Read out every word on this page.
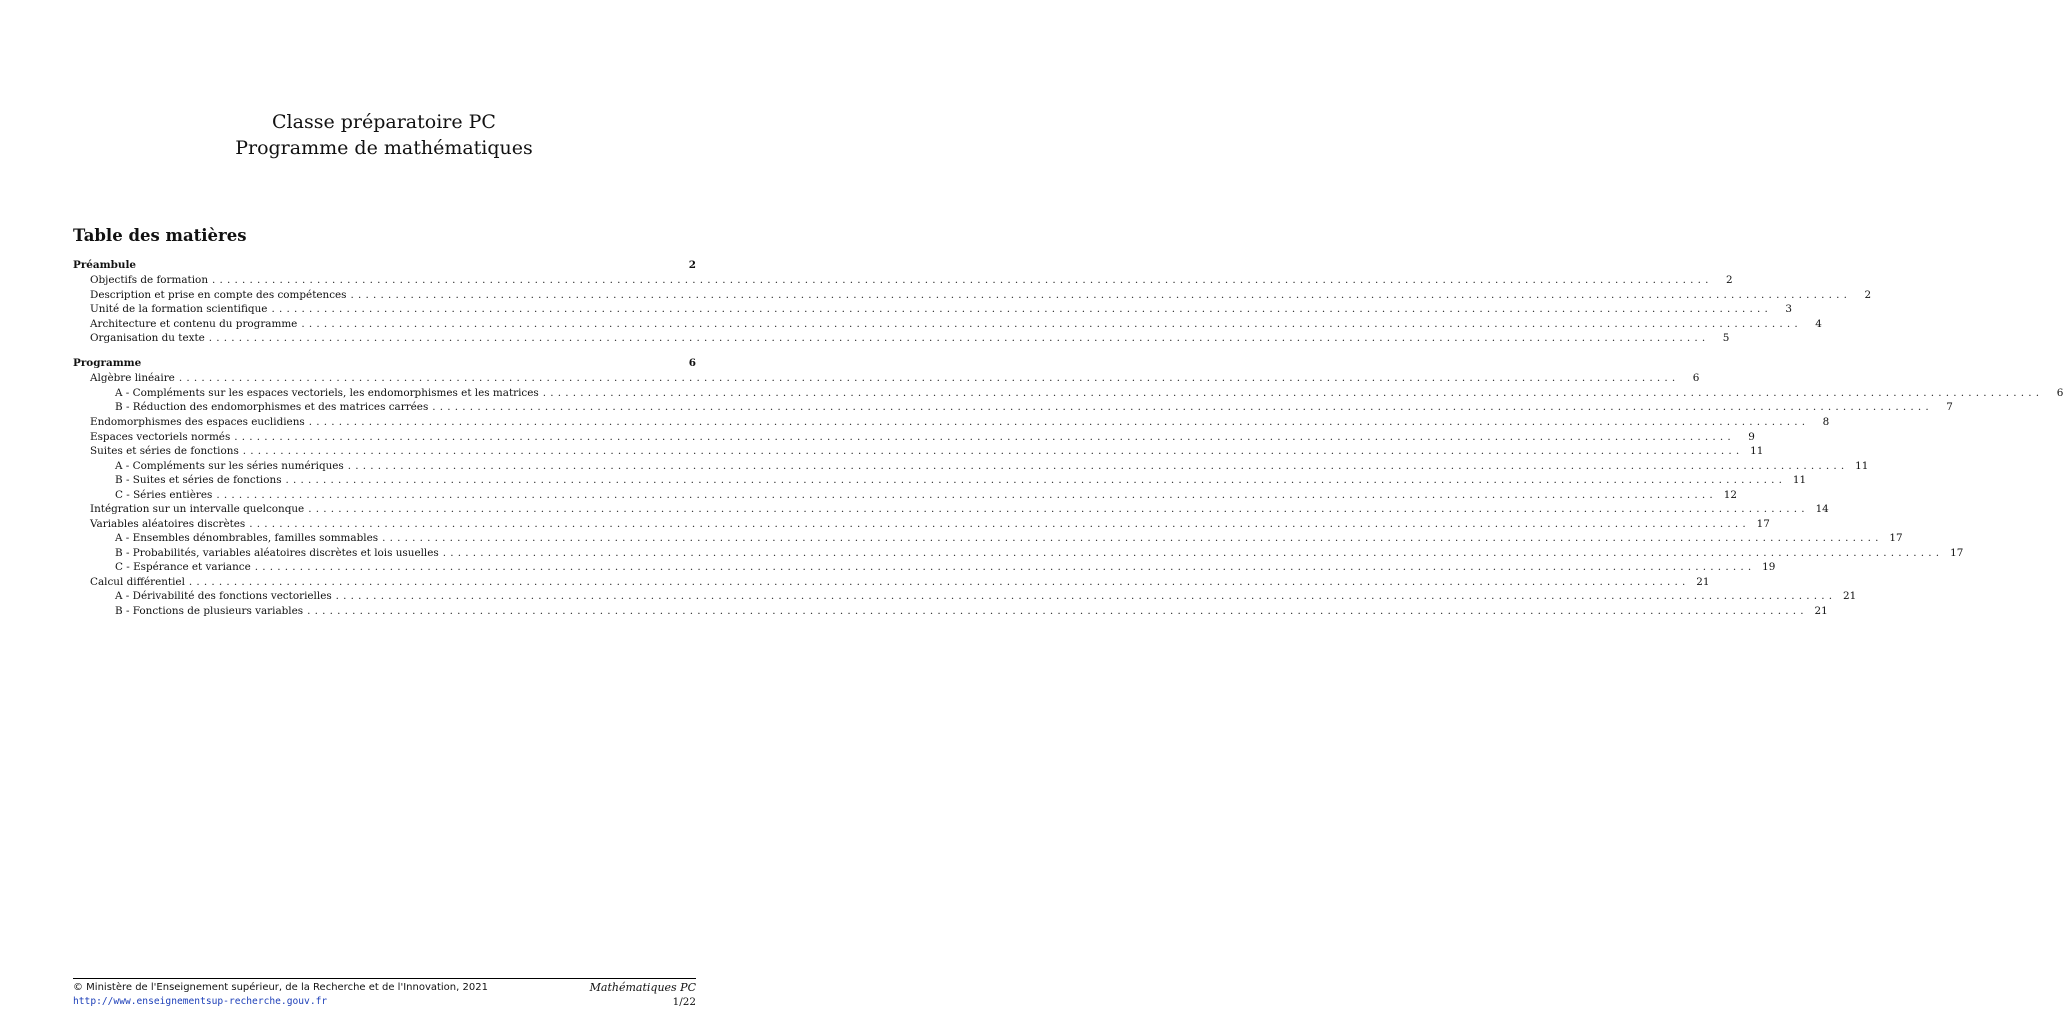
Classe préparatoire PC
Programme de mathématiques
Table des matières
Préambule	2
Objectifs de formation ........................................................................................................................................................................................................	2
Description et prise en compte des compétences ........................................................................................................................................................................................................	2
Unité de la formation scientifique ........................................................................................................................................................................................................	3
Architecture et contenu du programme ........................................................................................................................................................................................................	4
Organisation du texte ........................................................................................................................................................................................................	5
Programme	6
Algèbre linéaire ........................................................................................................................................................................................................	6
A - Compléments sur les espaces vectoriels, les endomorphismes et les matrices ........................................................................................................................................................................................................	6
B - Réduction des endomorphismes et des matrices carrées ........................................................................................................................................................................................................	7
Endomorphismes des espaces euclidiens ........................................................................................................................................................................................................	8
Espaces vectoriels normés ........................................................................................................................................................................................................	9
Suites et séries de fonctions ........................................................................................................................................................................................................ 11
A - Compléments sur les séries numériques ........................................................................................................................................................................................................ 11
B - Suites et séries de fonctions ........................................................................................................................................................................................................ 11
C - Séries entières ........................................................................................................................................................................................................ 12
Intégration sur un intervalle quelconque ........................................................................................................................................................................................................ 14
Variables aléatoires discrètes ........................................................................................................................................................................................................ 17
A - Ensembles dénombrables, familles sommables ........................................................................................................................................................................................................ 17
B - Probabilités, variables aléatoires discrètes et lois usuelles ........................................................................................................................................................................................................ 17
C - Espérance et variance ........................................................................................................................................................................................................ 19
Calcul différentiel ........................................................................................................................................................................................................ 21
A - Dérivabilité des fonctions vectorielles ........................................................................................................................................................................................................ 21
B - Fonctions de plusieurs variables ........................................................................................................................................................................................................ 21
© Ministère de l'Enseignement supérieur, de la Recherche et de l'Innovation, 2021
http://www.enseignementsup-recherche.gouv.fr
Mathématiques PC
1/22
